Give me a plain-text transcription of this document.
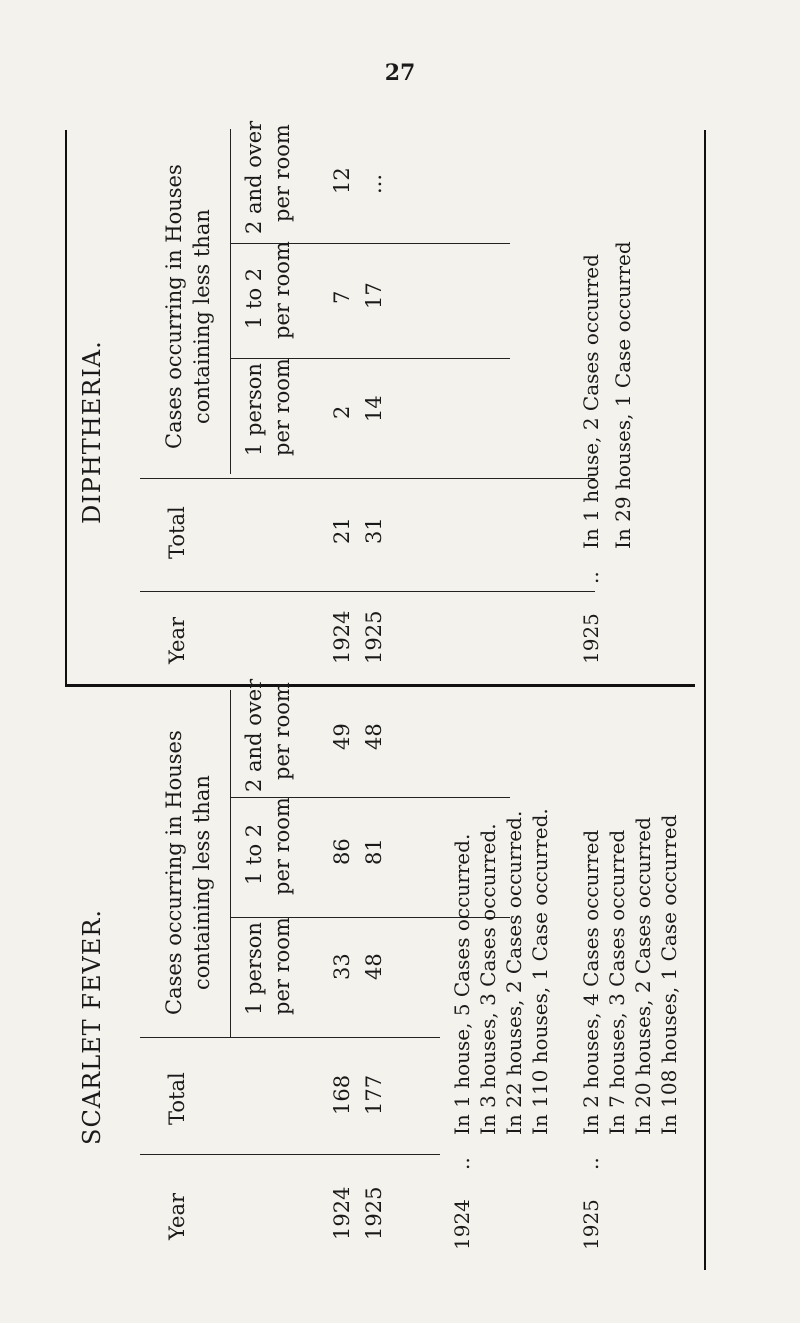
27
DIPHTHERIA.
Year
Total
Cases occurring in Houses containing less than 1 person per room
1 to 2 per room
2 and over per room
1924
21
2
7
12
1925
31
14
17
...
1925
..
In 1 house, 2 Cases occurred In 29 houses, 1 Case occurred
SCARLET FEVER.
Year
Total
Cases occurring in Houses containing less than 1 person per room
1 to 2 per room
2 and over per room
1924
168
33
86
49
1925
177
48
81
48
1924
..
In 1 house, 5 Cases occurred. In 3 houses, 3 Cases occurred. In 22 houses, 2 Cases occurred. In 110 houses, 1 Case occurred.
1925
..
In 2 houses, 4 Cases occurred In 7 houses, 3 Cases occurred In 20 houses, 2 Cases occurred In 108 houses, 1 Case occurred
